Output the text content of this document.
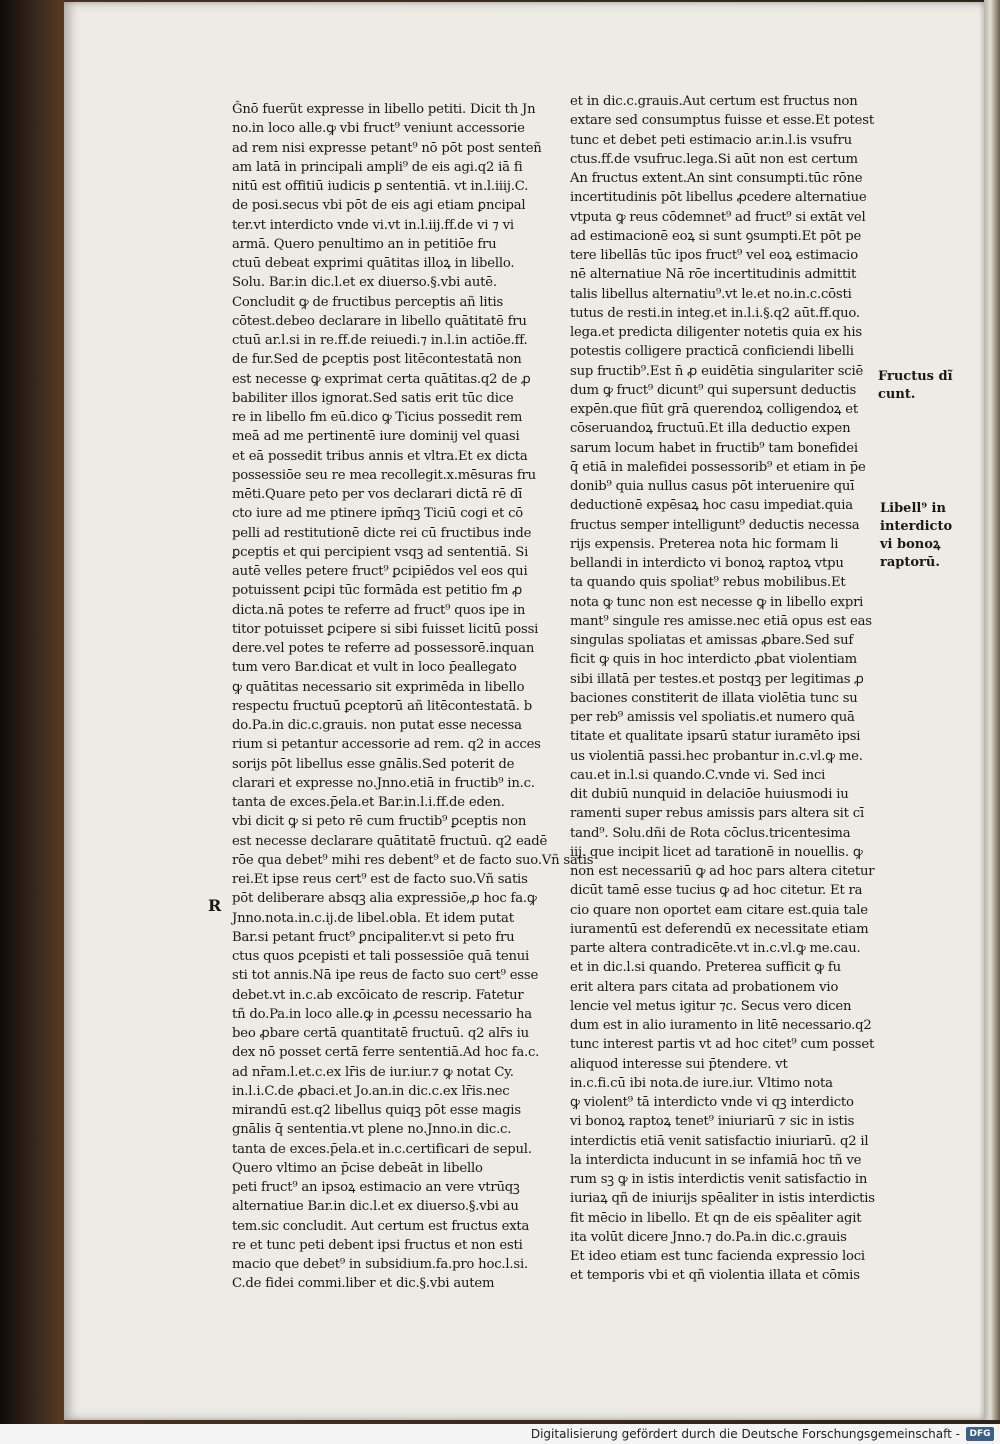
Ĝnō fuerũt expresse in libello petiti. Dicit th Jn
no.in loco alle.ꝙ vbi fruct⁹ veniunt accessorie
ad rem nisi expresse petant⁹ nō pōt post senteñ
am latā in principali ampli⁹ de eis agi.q2 iā fi
nitū est offitiū iudicis ꝑ sententiā. vt in.l.iiij.C.
de posi.secus vbi pōt de eis agi etiam ꝑncipal
ter.vt interdicto vnde vi.vt in.l.iij.ff.de vi ⁊ vi
armā. Quero penultimo an in petitiōe fru
ctuū debeat exprimi quātitas illoꝝ in libello.
Solu. Bar.in dic.l.et ex diuerso.§.vbi autē.
Concludit ꝙ de fructibus perceptis añ litis
cōtest.debeo declarare in libello quātitatē fru
ctuū ar.l.si in re.ff.de reiuedi.⁊ in.l.in actiōe.ff.
de fur.Sed de ꝑceptis post litēcontestatā non
est necesse ꝙ exprimat certa quātitas.q2 de ꝓ
babiliter illos ignorat.Sed satis erit tūc dice
re in libello fm eū.dico ꝙ Ticius possedit rem
meā ad me pertinentē iure dominij vel quasi
et eā possedit tribus annis et vltra.Et ex dicta
possessiōe seu re mea recollegit.x.mēsuras fru
mēti.Quare peto per vos declarari dictā rē dī
cto iure ad me ptinere ipm̄qꝫ Ticiū cogi et cō
pelli ad restitutionē dicte rei cū fructibus inde
ꝑceptis et qui percipient vsqꝫ ad sententiā. Si
autē velles petere fruct⁹ ꝑcipiēdos vel eos qui
potuissent ꝑcipi tūc formāda est petitio fm ꝓ
dicta.nā potes te referre ad fruct⁹ quos ipe in
titor potuisset ꝑcipere si sibi fuisset licitū possi
dere.vel potes te referre ad possessorē.inquan
tum vero Bar.dicat et vult in loco p̄eallegato
ꝙ quātitas necessario sit exprimēda in libello
respectu fructuū ꝑceptorū añ litēcontestatā. b
do.Pa.in dic.c.grauis. non putat esse necessa
rium si petantur accessorie ad rem. q2 in acces
sorijs pōt libellus esse gnālis.Sed poterit de
clarari et expresse no.Jnno.etiā in fructib⁹ in.c.
tanta de exces.p̄ela.et Bar.in.l.i.ff.de eden.
vbi dicit ꝙ si peto rē cum fructib⁹ ꝑceptis non
est necesse declarare quātitatē fructuū. q2 eadē
rōe qua debet⁹ mihi res debent⁹ et de facto suo.Vñ satis
rei.Et ipse reus cert⁹ est de facto suo.Vñ satis
pōt deliberare absqꝫ alia expressiōe,ꝓ hoc fa.ꝙ
Jnno.nota.in.c.ij.de libel.obla. Et idem putat
Bar.si petant fruct⁹ ꝑncipaliter.vt si peto fru
ctus quos ꝑcepisti et tali possessiōe quā tenui
sti tot annis.Nā ipe reus de facto suo cert⁹ esse
debet.vt in.c.ab excōicato de rescrip. Fatetur
tñ do.Pa.in loco alle.ꝙ in ꝓcessu necessario ha
beo ꝓbare certā quantitatē fructuū. q2 alr̄s iu
dex nō posset certā ferre sententiā.Ad hoc fa.c.
ad nr̄am.l.et.c.ex lr̄is de iur.iur.⁊ ꝙ notat Cy.
in.l.i.C.de ꝓbaci.et Jo.an.in dic.c.ex lr̄is.nec
mirandū est.q2 libellus quiqꝫ pōt esse magis
gnālis q̄ sententia.vt plene no.Jnno.in dic.c.
tanta de exces.p̄ela.et in.c.certificari de sepul.
Quero vltimo an p̄cise debeāt in libello
peti fruct⁹ an ipsoꝝ estimacio an vere vtrūqꝫ
alternatiue Bar.in dic.l.et ex diuerso.§.vbi au
tem.sic concludit. Aut certum est fructus exta
re et tunc peti debent ipsi fructus et non esti
macio que debet⁹ in subsidium.fa.pro hoc.l.si.
C.de fidei commi.liber et dic.§.vbi autem
et in dic.c.grauis.Aut certum est fructus non
extare sed consumptus fuisse et esse.Et potest
tunc et debet peti estimacio ar.in.l.is vsufru
ctus.ff.de vsufruc.lega.Si aūt non est certum
An fructus extent.An sint consumpti.tūc rōne
incertitudinis pōt libellus ꝓcedere alternatiue
vtputa ꝙ reus cōdemnet⁹ ad fruct⁹ si extāt vel
ad estimacionē eoꝝ si sunt ꝯsumpti.Et pōt pe
tere libellās tūc ipos fruct⁹ vel eoꝝ estimacio
nē alternatiue Nā rōe incertitudinis admittit
talis libellus alternatiu⁹.vt le.et no.in.c.cōsti
tutus de resti.in integ.et in.l.i.§.q2 aūt.ff.quo.
lega.et predicta diligenter notetis quia ex his
potestis colligere practicā conficiendi libelli
sup fructib⁹.Est n̄ ꝓ euidētia singulariter sciē
dum ꝙ fruct⁹ dicunt⁹ qui supersunt deductis
expēn.que fiūt grā querendoꝝ colligendoꝝ et
cōseruandoꝝ fructuū.Et illa deductio expen
sarum locum habet in fructib⁹ tam bonefidei
q̄ etiā in malefidei possessorib⁹ et etiam in p̄e
donib⁹ quia nullus casus pōt interuenire quī
deductionē expēsaꝝ hoc casu impediat.quia
fructus semper intelligunt⁹ deductis necessa
rijs expensis. Preterea nota hic formam li
bellandi in interdicto vi bonoꝝ raptoꝝ vtpu
ta quando quis spoliat⁹ rebus mobilibus.Et
nota ꝙ tunc non est necesse ꝙ in libello expri
mant⁹ singule res amisse.nec etiā opus est eas
singulas spoliatas et amissas ꝓbare.Sed suf
ficit ꝙ quis in hoc interdicto ꝓbat violentiam
sibi illatā per testes.et postqꝫ per legitimas ꝓ
baciones constiterit de illata violētia tunc su
per reb⁹ amissis vel spoliatis.et numero quā
titate et qualitate ipsarū statur iuramēto ipsi
us violentiā passi.hec probantur in.c.vl.ꝙ me.
cau.et in.l.si quando.C.vnde vi. Sed inci
dit dubiū nunquid in delaciōe huiusmodi iu
ramenti super rebus amissis pars altera sit cī
tand⁹. Solu.dñi de Rota cōclus.tricentesima
iij. que incipit licet ad tarationē in nouellis. ꝙ
non est necessariū ꝙ ad hoc pars altera citetur
dicūt tamē esse tucius ꝙ ad hoc citetur. Et ra
cio quare non oportet eam citare est.quia tale
iuramentū est deferendū ex necessitate etiam
parte altera contradicēte.vt in.c.vl.ꝙ me.cau.
et in dic.l.si quando. Preterea sufficit ꝙ fu
erit altera pars citata ad probationem vio
lencie vel metus igitur ⁊c. Secus vero dicen
dum est in alio iuramento in litē necessario.q2
tunc interest partis vt ad hoc citet⁹ cum posset
aliquod interesse sui p̄tendere. vt
in.c.fi.cū ibi nota.de iure.iur. Vltimo nota
ꝙ violent⁹ tā interdicto vnde vi qꝫ interdicto
vi bonoꝝ raptoꝝ tenet⁹ iniuriarū ⁊ sic in istis
interdictis etiā venit satisfactio iniuriarū. q2 il
la interdicta inducunt in se infamiā hoc tñ ve
rum sꝫ ꝙ in istis interdictis venit satisfactio in
iuriaꝝ qñ de iniurijs spēaliter in istis interdictis
fit mēcio in libello. Et qn de eis spēaliter agit
ita volūt dicere Jnno.⁊ do.Pa.in dic.c.grauis
Et ideo etiam est tunc facienda expressio loci
et temporis vbi et qñ violentia illata et cōmis
Fructus dĩ
cunt.
Libell⁹ in
interdicto
vi bonoꝝ
raptorū.
R
Digitalisierung gefördert durch die Deutsche Forschungsgemeinschaft -	DFG
